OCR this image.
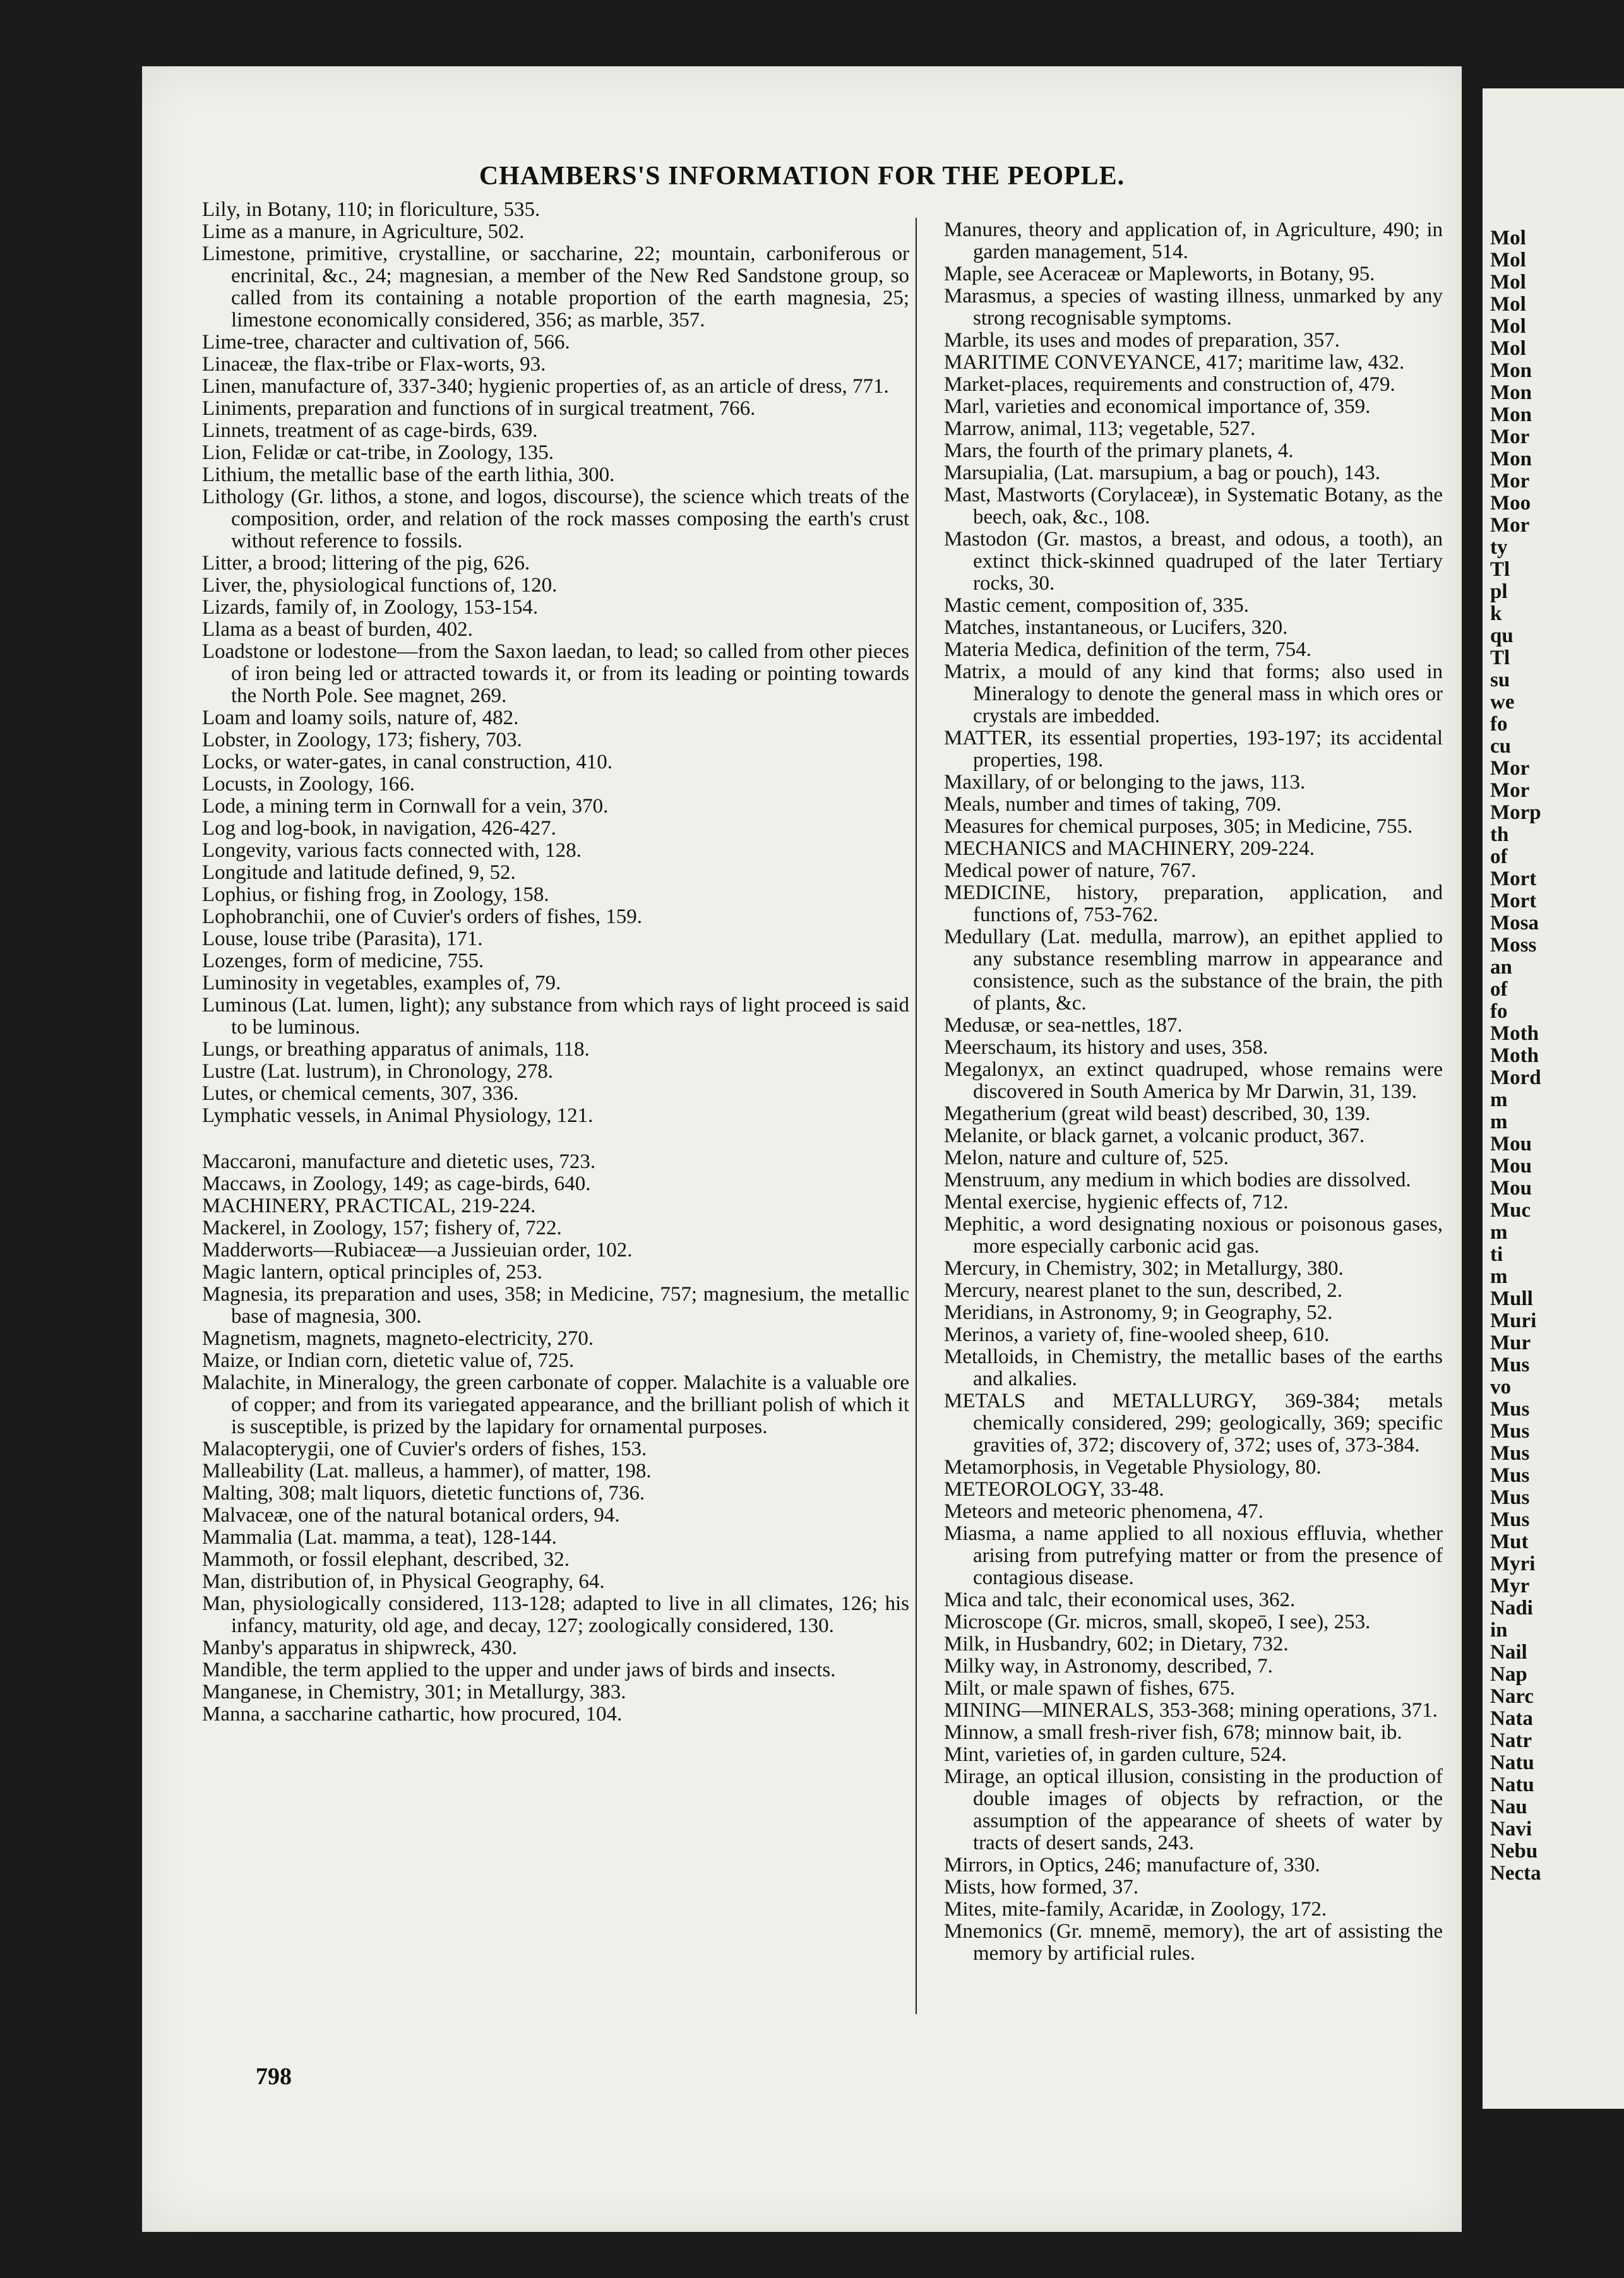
CHAMBERS'S INFORMATION FOR THE PEOPLE.

Lily, in Botany, 110; in floriculture, 535.

Lime as a manure, in Agriculture, 502.

Limestone, primitive, crystalline, or saccharine, 22; mountain, carboniferous or encrinital, &c., 24; magnesian, a member of the New Red Sandstone group, so called from its containing a notable proportion of the earth magnesia, 25; limestone economically considered, 356; as marble, 357.

Lime-tree, character and cultivation of, 566.

Linaceæ, the flax-tribe or Flax-worts, 93.

Linen, manufacture of, 337-340; hygienic properties of, as an article of dress, 771.

Liniments, preparation and functions of in surgical treatment, 766.

Linnets, treatment of as cage-birds, 639.

Lion, Felidæ or cat-tribe, in Zoology, 135.

Lithium, the metallic base of the earth lithia, 300.

Lithology (Gr. lithos, a stone, and logos, discourse), the science which treats of the composition, order, and relation of the rock masses composing the earth's crust without reference to fossils.

Litter, a brood; littering of the pig, 626.

Liver, the, physiological functions of, 120.

Lizards, family of, in Zoology, 153-154.

Llama as a beast of burden, 402.

Loadstone or lodestone—from the Saxon laedan, to lead; so called from other pieces of iron being led or attracted towards it, or from its leading or pointing towards the North Pole. See magnet, 269.

Loam and loamy soils, nature of, 482.

Lobster, in Zoology, 173; fishery, 703.

Locks, or water-gates, in canal construction, 410.

Locusts, in Zoology, 166.

Lode, a mining term in Cornwall for a vein, 370.

Log and log-book, in navigation, 426-427.

Longevity, various facts connected with, 128.

Longitude and latitude defined, 9, 52.

Lophius, or fishing frog, in Zoology, 158.

Lophobranchii, one of Cuvier's orders of fishes, 159.

Louse, louse tribe (Parasita), 171.

Lozenges, form of medicine, 755.

Luminosity in vegetables, examples of, 79.

Luminous (Lat. lumen, light); any substance from which rays of light proceed is said to be luminous.

Lungs, or breathing apparatus of animals, 118.

Lustre (Lat. lustrum), in Chronology, 278.

Lutes, or chemical cements, 307, 336.

Lymphatic vessels, in Animal Physiology, 121.

Maccaroni, manufacture and dietetic uses, 723.

Maccaws, in Zoology, 149; as cage-birds, 640.

MACHINERY, PRACTICAL, 219-224.

Mackerel, in Zoology, 157; fishery of, 722.

Madderworts—Rubiaceæ—a Jussieuian order, 102.

Magic lantern, optical principles of, 253.

Magnesia, its preparation and uses, 358; in Medicine, 757; magnesium, the metallic base of magnesia, 300.

Magnetism, magnets, magneto-electricity, 270.

Maize, or Indian corn, dietetic value of, 725.

Malachite, in Mineralogy, the green carbonate of copper. Malachite is a valuable ore of copper; and from its variegated appearance, and the brilliant polish of which it is susceptible, is prized by the lapidary for ornamental purposes.

Malacopterygii, one of Cuvier's orders of fishes, 153.

Malleability (Lat. malleus, a hammer), of matter, 198.

Malting, 308; malt liquors, dietetic functions of, 736.

Malvaceæ, one of the natural botanical orders, 94.

Mammalia (Lat. mamma, a teat), 128-144.

Mammoth, or fossil elephant, described, 32.

Man, distribution of, in Physical Geography, 64.

Man, physiologically considered, 113-128; adapted to live in all climates, 126; his infancy, maturity, old age, and decay, 127; zoologically considered, 130.

Manby's apparatus in shipwreck, 430.

Mandible, the term applied to the upper and under jaws of birds and insects.

Manganese, in Chemistry, 301; in Metallurgy, 383.

Manna, a saccharine cathartic, how procured, 104.

Manures, theory and application of, in Agriculture, 490; in garden management, 514.

Maple, see Aceraceæ or Mapleworts, in Botany, 95.

Marasmus, a species of wasting illness, unmarked by any strong recognisable symptoms.

Marble, its uses and modes of preparation, 357.

MARITIME CONVEYANCE, 417; maritime law, 432.

Market-places, requirements and construction of, 479.

Marl, varieties and economical importance of, 359.

Marrow, animal, 113; vegetable, 527.

Mars, the fourth of the primary planets, 4.

Marsupialia, (Lat. marsupium, a bag or pouch), 143.

Mast, Mastworts (Corylaceæ), in Systematic Botany, as the beech, oak, &c., 108.

Mastodon (Gr. mastos, a breast, and odous, a tooth), an extinct thick-skinned quadruped of the later Tertiary rocks, 30.

Mastic cement, composition of, 335.

Matches, instantaneous, or Lucifers, 320.

Materia Medica, definition of the term, 754.

Matrix, a mould of any kind that forms; also used in Mineralogy to denote the general mass in which ores or crystals are imbedded.

MATTER, its essential properties, 193-197; its accidental properties, 198.

Maxillary, of or belonging to the jaws, 113.

Meals, number and times of taking, 709.

Measures for chemical purposes, 305; in Medicine, 755.

MECHANICS and MACHINERY, 209-224.

Medical power of nature, 767.

MEDICINE, history, preparation, application, and functions of, 753-762.

Medullary (Lat. medulla, marrow), an epithet applied to any substance resembling marrow in appearance and consistence, such as the substance of the brain, the pith of plants, &c.

Medusæ, or sea-nettles, 187.

Meerschaum, its history and uses, 358.

Megalonyx, an extinct quadruped, whose remains were discovered in South America by Mr Darwin, 31, 139.

Megatherium (great wild beast) described, 30, 139.

Melanite, or black garnet, a volcanic product, 367.

Melon, nature and culture of, 525.

Menstruum, any medium in which bodies are dissolved.

Mental exercise, hygienic effects of, 712.

Mephitic, a word designating noxious or poisonous gases, more especially carbonic acid gas.

Mercury, in Chemistry, 302; in Metallurgy, 380.

Mercury, nearest planet to the sun, described, 2.

Meridians, in Astronomy, 9; in Geography, 52.

Merinos, a variety of, fine-wooled sheep, 610.

Metalloids, in Chemistry, the metallic bases of the earths and alkalies.

METALS and METALLURGY, 369-384; metals chemically considered, 299; geologically, 369; specific gravities of, 372; discovery of, 372; uses of, 373-384.

Metamorphosis, in Vegetable Physiology, 80.

METEOROLOGY, 33-48.

Meteors and meteoric phenomena, 47.

Miasma, a name applied to all noxious effluvia, whether arising from putrefying matter or from the presence of contagious disease.

Mica and talc, their economical uses, 362.

Microscope (Gr. micros, small, skopeō, I see), 253.

Milk, in Husbandry, 602; in Dietary, 732.

Milky way, in Astronomy, described, 7.

Milt, or male spawn of fishes, 675.

MINING—MINERALS, 353-368; mining operations, 371.

Minnow, a small fresh-river fish, 678; minnow bait, ib.

Mint, varieties of, in garden culture, 524.

Mirage, an optical illusion, consisting in the production of double images of objects by refraction, or the assumption of the appearance of sheets of water by tracts of desert sands, 243.

Mirrors, in Optics, 246; manufacture of, 330.

Mists, how formed, 37.

Mites, mite-family, Acaridæ, in Zoology, 172.

Mnemonics (Gr. mnemē, memory), the art of assisting the memory by artificial rules.

798
Mol
Mol
Mol
Mol
Mol
Mol
Mon
Mon
Mon
Mor
Mon
Mor
Moo
Mor
ty
Tl
pl
k
qu
Tl
su
we
fo
cu
Mor
Mor
Morp
th
of
Mort
Mort
Mosa
Moss
an
of
fo
Moth
Moth
Mord
m
m
Mou
Mou
Mou
Muc
m
ti
m
Mull
Muri
Mur
Mus
vo
Mus
Mus
Mus
Mus
Mus
Mus
Mut
Myri
Myr
Nadi
in
Nail
Nap
Narc
Nata
Natr
Natu
Natu
Nau
Navi
Nebu
Necta
